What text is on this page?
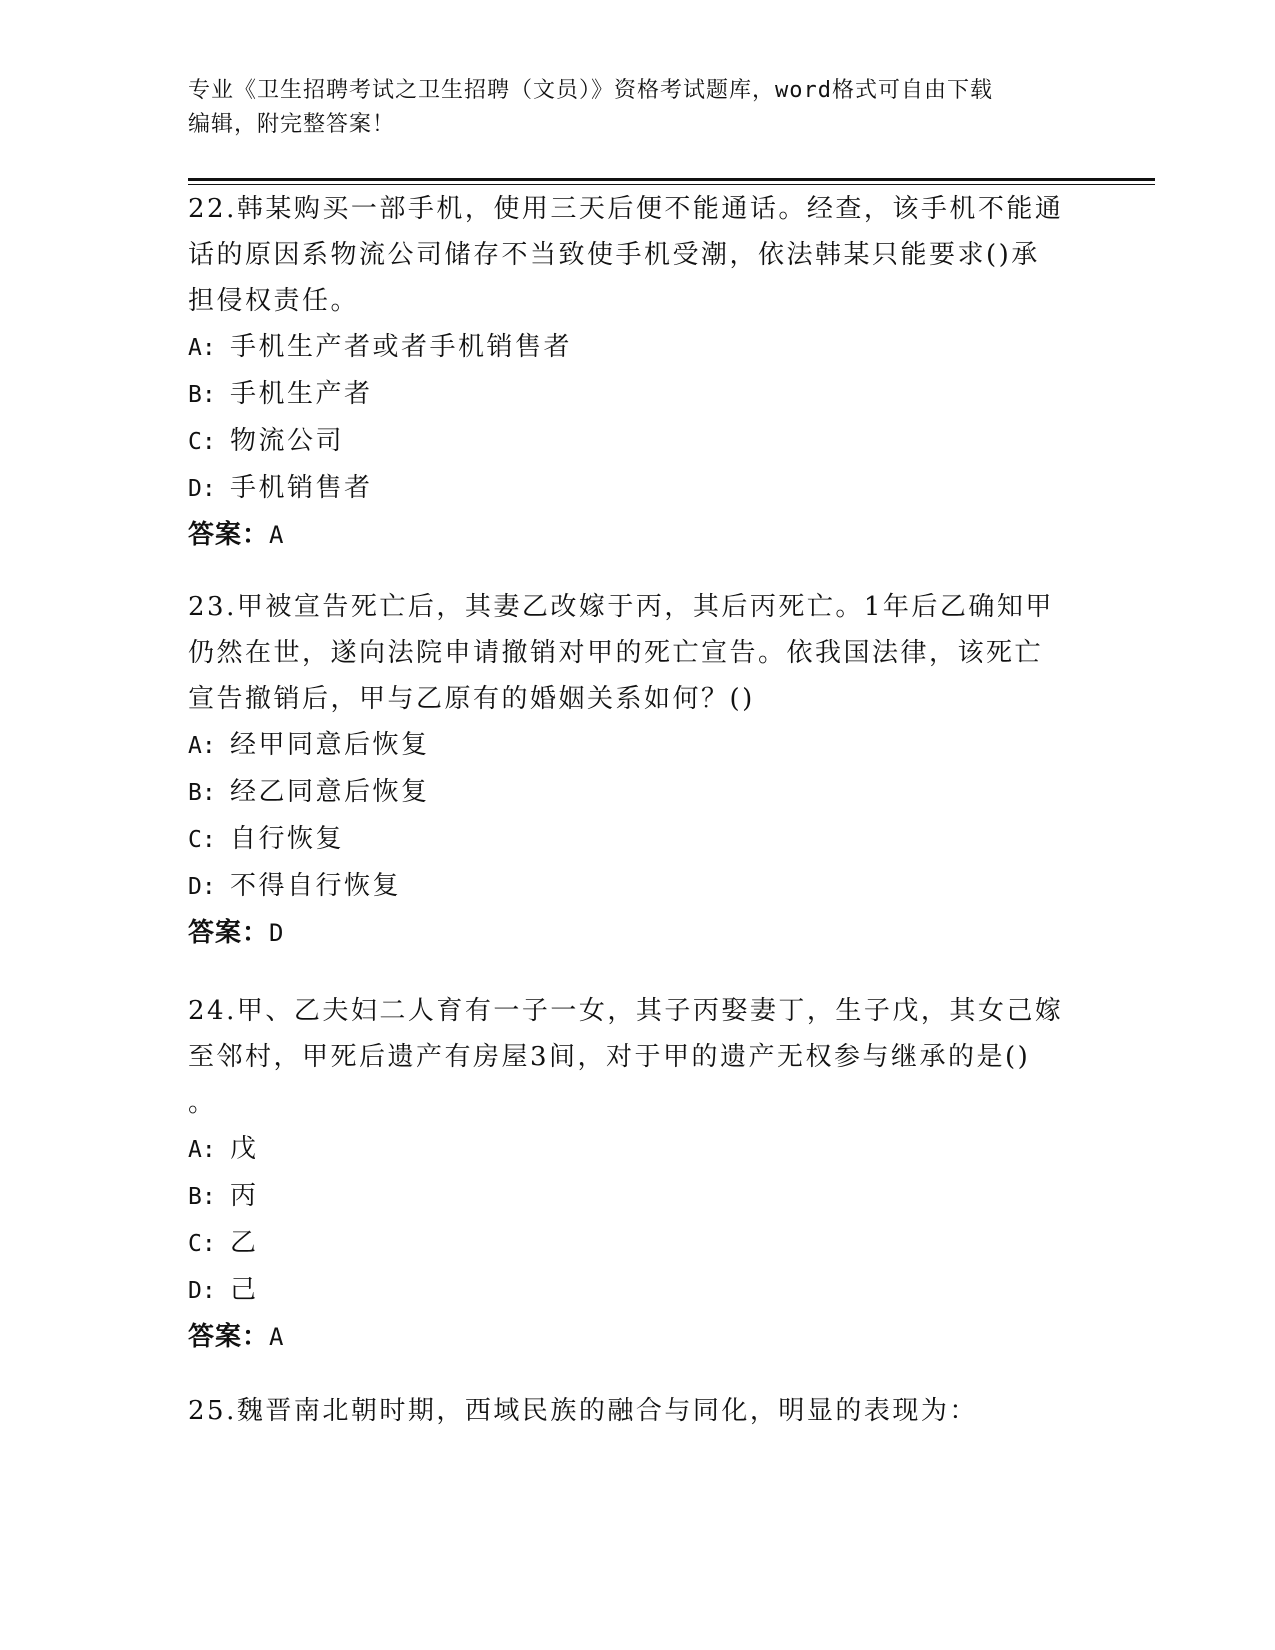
专业《卫生招聘考试之卫生招聘（文员）》资格考试题库，word格式可自由下载
编辑，附完整答案！

22.韩某购买一部手机，使用三天后便不能通话。经查，该手机不能通

话的原因系物流公司储存不当致使手机受潮，依法韩某只能要求()承

担侵权责任。

A: 手机生产者或者手机销售者

B: 手机生产者

C: 物流公司

D: 手机销售者

答案：A

23.甲被宣告死亡后，其妻乙改嫁于丙，其后丙死亡。1年后乙确知甲

仍然在世，遂向法院申请撤销对甲的死亡宣告。依我国法律，该死亡

宣告撤销后，甲与乙原有的婚姻关系如何？()

A: 经甲同意后恢复

B: 经乙同意后恢复

C: 自行恢复

D: 不得自行恢复

答案：D

24.甲、乙夫妇二人育有一子一女，其子丙娶妻丁，生子戊，其女己嫁

至邻村，甲死后遗产有房屋3间，对于甲的遗产无权参与继承的是()

。

A: 戊

B: 丙

C: 乙

D: 己

答案：A

25.魏晋南北朝时期，西域民族的融合与同化，明显的表现为：
